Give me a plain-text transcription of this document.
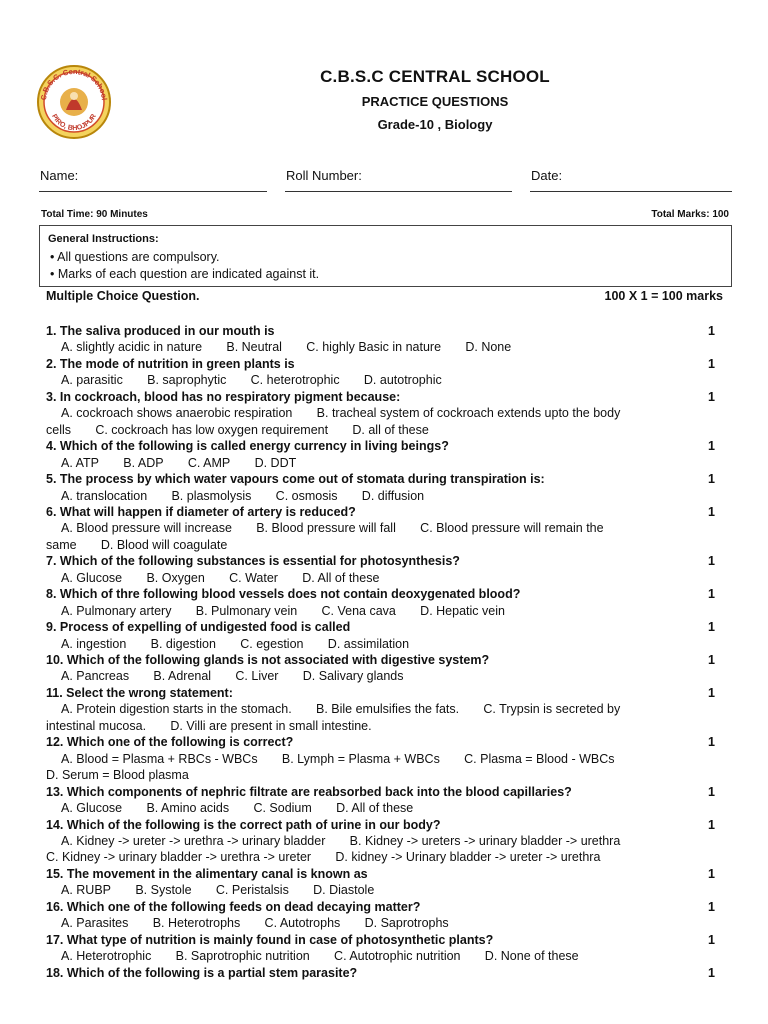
C.B.S.C. Central School
PIRO, BHOJPUR
C.B.S.C CENTRAL SCHOOL
PRACTICE QUESTIONS
Grade-10 , Biology
Name:	Roll Number:	Date:
Total Time: 90 Minutes	Total Marks: 100
General Instructions:
• All questions are compulsory.
• Marks of each question are indicated against it.
Multiple Choice Question.	100 X 1 = 100 marks
1. The saliva produced in our mouth is	1
A. slightly acidic in nature       B. Neutral       C. highly Basic in nature       D. None
2. The mode of nutrition in green plants is	1
A. parasitic       B. saprophytic       C. heterotrophic       D. autotrophic
3. In cockroach, blood has no respiratory pigment because:	1
A. cockroach shows anaerobic respiration       B. tracheal system of cockroach extends upto the body
cells       C. cockroach has low oxygen requirement       D. all of these
4. Which of the following is called energy currency in living beings?	1
A. ATP       B. ADP       C. AMP       D. DDT
5. The process by which water vapours come out of stomata during transpiration is:	1
A. translocation       B. plasmolysis       C. osmosis       D. diffusion
6. What will happen if diameter of artery is reduced?	1
A. Blood pressure will increase       B. Blood pressure will fall       C. Blood pressure will remain the
same       D. Blood will coagulate
7. Which of the following substances is essential for photosynthesis?	1
A. Glucose       B. Oxygen       C. Water       D. All of these
8. Which of thre following blood vessels does not contain deoxygenated blood?	1
A. Pulmonary artery       B. Pulmonary vein       C. Vena cava       D. Hepatic vein
9. Process of expelling of undigested food is called	1
A. ingestion       B. digestion       C. egestion       D. assimilation
10. Which of the following glands is not associated with digestive system?	1
A. Pancreas       B. Adrenal       C. Liver       D. Salivary glands
11. Select the wrong statement:	1
A. Protein digestion starts in the stomach.       B. Bile emulsifies the fats.       C. Trypsin is secreted by
intestinal mucosa.       D. Villi are present in small intestine.
12. Which one of the following is correct?	1
A. Blood = Plasma + RBCs - WBCs       B. Lymph = Plasma + WBCs       C. Plasma = Blood - WBCs
D. Serum = Blood plasma
13. Which components of nephric filtrate are reabsorbed back into the blood capillaries?	1
A. Glucose       B. Amino acids       C. Sodium       D. All of these
14. Which of the following is the correct path of urine in our body?	1
A. Kidney -> ureter -> urethra -> urinary bladder       B. Kidney -> ureters -> urinary bladder -> urethra
C. Kidney -> urinary bladder -> urethra -> ureter       D. kidney -> Urinary bladder -> ureter -> urethra
15. The movement in the alimentary canal is known as	1
A. RUBP       B. Systole       C. Peristalsis       D. Diastole
16. Which one of the following feeds on dead decaying matter?	1
A. Parasites       B. Heterotrophs       C. Autotrophs       D. Saprotrophs
17. What type of nutrition is mainly found in case of photosynthetic plants?	1
A. Heterotrophic       B. Saprotrophic nutrition       C. Autotrophic nutrition       D. None of these
18. Which of the following is a partial stem parasite?	1
